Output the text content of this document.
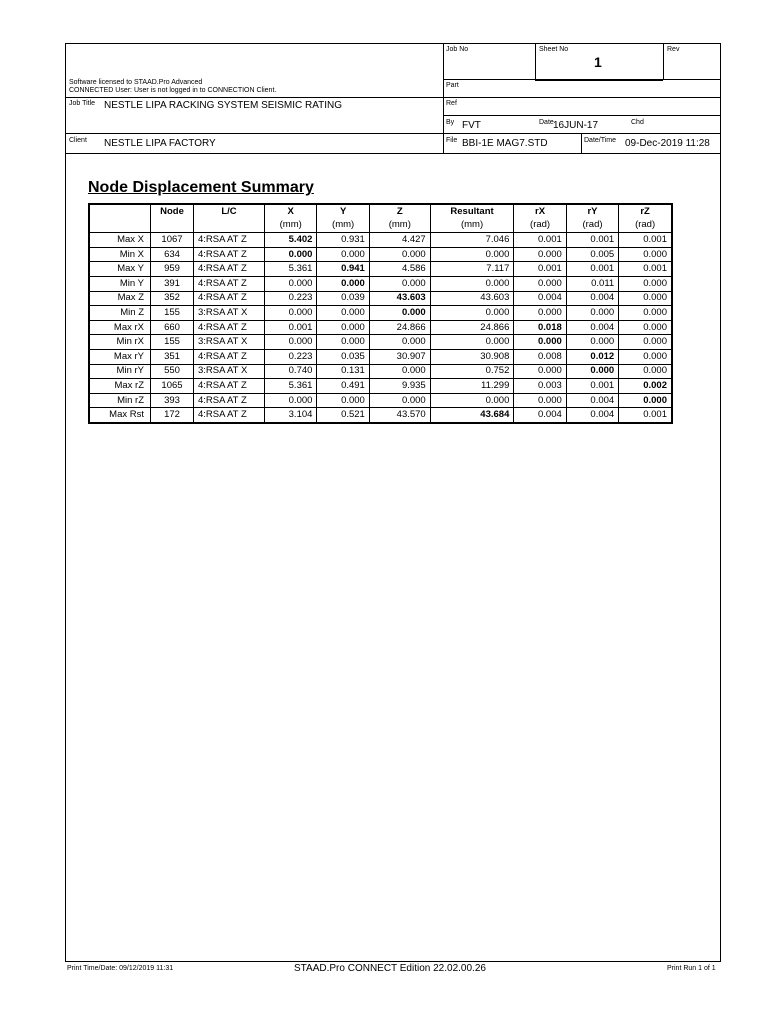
Job No	Sheet No
1
Rev
Software licensed to STAAD.Pro Advanced
CONNECTED User: User is not logged in to CONNECTION Client.
Part
Job Title NESTLE LIPA RACKING SYSTEM SEISMIC RATING	Ref
By FVT	Date 16JUN-17	Chd
Client NESTLE LIPA FACTORY	File BBI-1E MAG7.STD	Date/Time 09-Dec-2019 11:28
Node Displacement Summary
	Node	L/C	X	Y	Z	Resultant	rX	rY	rZ
			(mm)	(mm)	(mm)	(mm)	(rad)	(rad)	(rad)
Max X	1067	4:RSA AT Z	5.402	0.931	4.427	7.046	0.001	0.001	0.001
Min X	634	4:RSA AT Z	0.000	0.000	0.000	0.000	0.000	0.005	0.000
Max Y	959	4:RSA AT Z	5.361	0.941	4.586	7.117	0.001	0.001	0.001
Min Y	391	4:RSA AT Z	0.000	0.000	0.000	0.000	0.000	0.011	0.000
Max Z	352	4:RSA AT Z	0.223	0.039	43.603	43.603	0.004	0.004	0.000
Min Z	155	3:RSA AT X	0.000	0.000	0.000	0.000	0.000	0.000	0.000
Max rX	660	4:RSA AT Z	0.001	0.000	24.866	24.866	0.018	0.004	0.000
Min rX	155	3:RSA AT X	0.000	0.000	0.000	0.000	0.000	0.000	0.000
Max rY	351	4:RSA AT Z	0.223	0.035	30.907	30.908	0.008	0.012	0.000
Min rY	550	3:RSA AT X	0.740	0.131	0.000	0.752	0.000	0.000	0.000
Max rZ	1065	4:RSA AT Z	5.361	0.491	9.935	11.299	0.003	0.001	0.002
Min rZ	393	4:RSA AT Z	0.000	0.000	0.000	0.000	0.000	0.004	0.000
Max Rst	172	4:RSA AT Z	3.104	0.521	43.570	43.684	0.004	0.004	0.001
Print Time/Date: 09/12/2019 11:31	STAAD.Pro CONNECT Edition 22.02.00.26	Print Run 1 of 1
